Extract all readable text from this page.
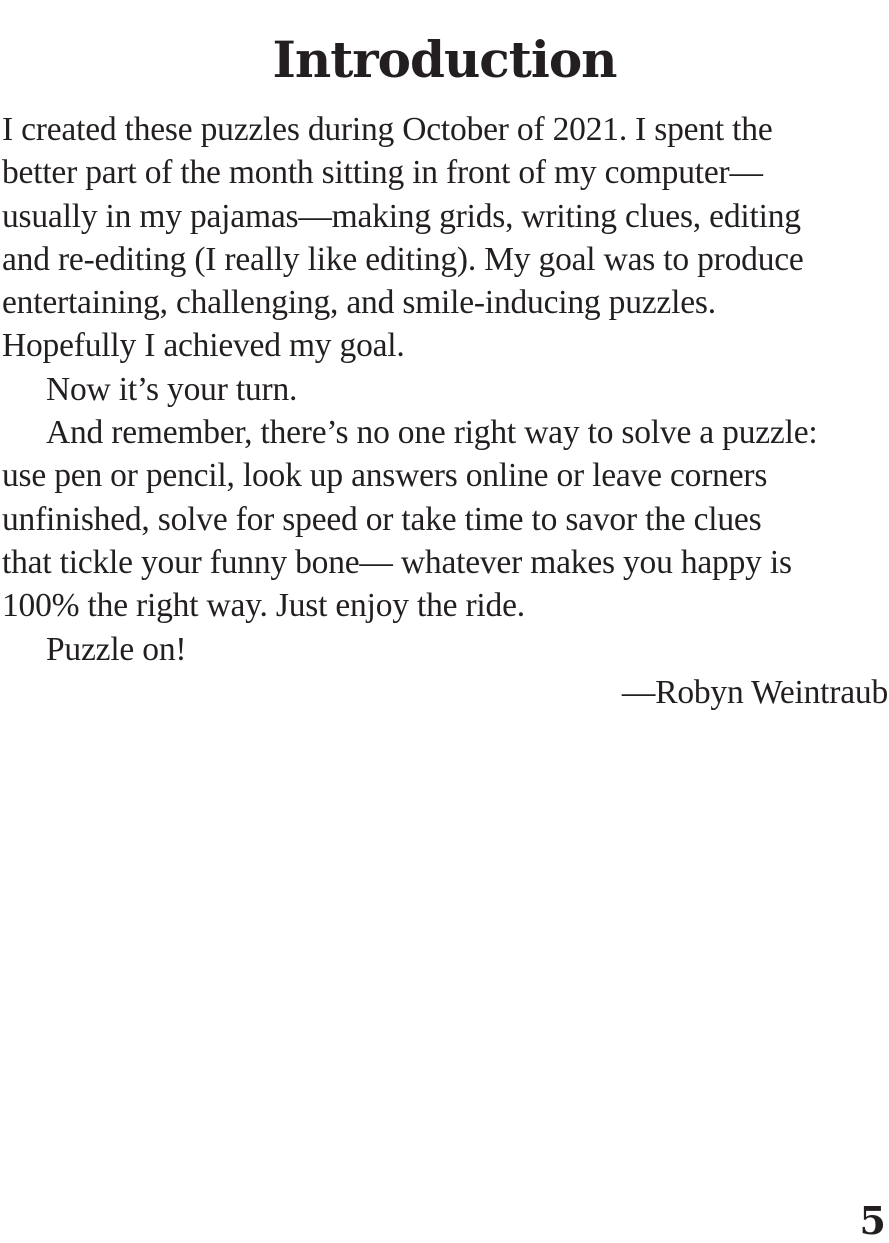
Introduction
I created these puzzles during October of 2021. I spent the
better part of the month sitting in front of my computer—
usually in my pajamas—making grids, writing clues, editing
and re-editing (I really like editing). My goal was to produce
entertaining, challenging, and smile-inducing puzzles.
Hopefully I achieved my goal.
Now it’s your turn.
And remember, there’s no one right way to solve a puzzle:
use pen or pencil, look up answers online or leave corners
unfinished, solve for speed or take time to savor the clues
that tickle your funny bone— whatever makes you happy is
100% the right way. Just enjoy the ride.
Puzzle on!
—Robyn Weintraub
5
